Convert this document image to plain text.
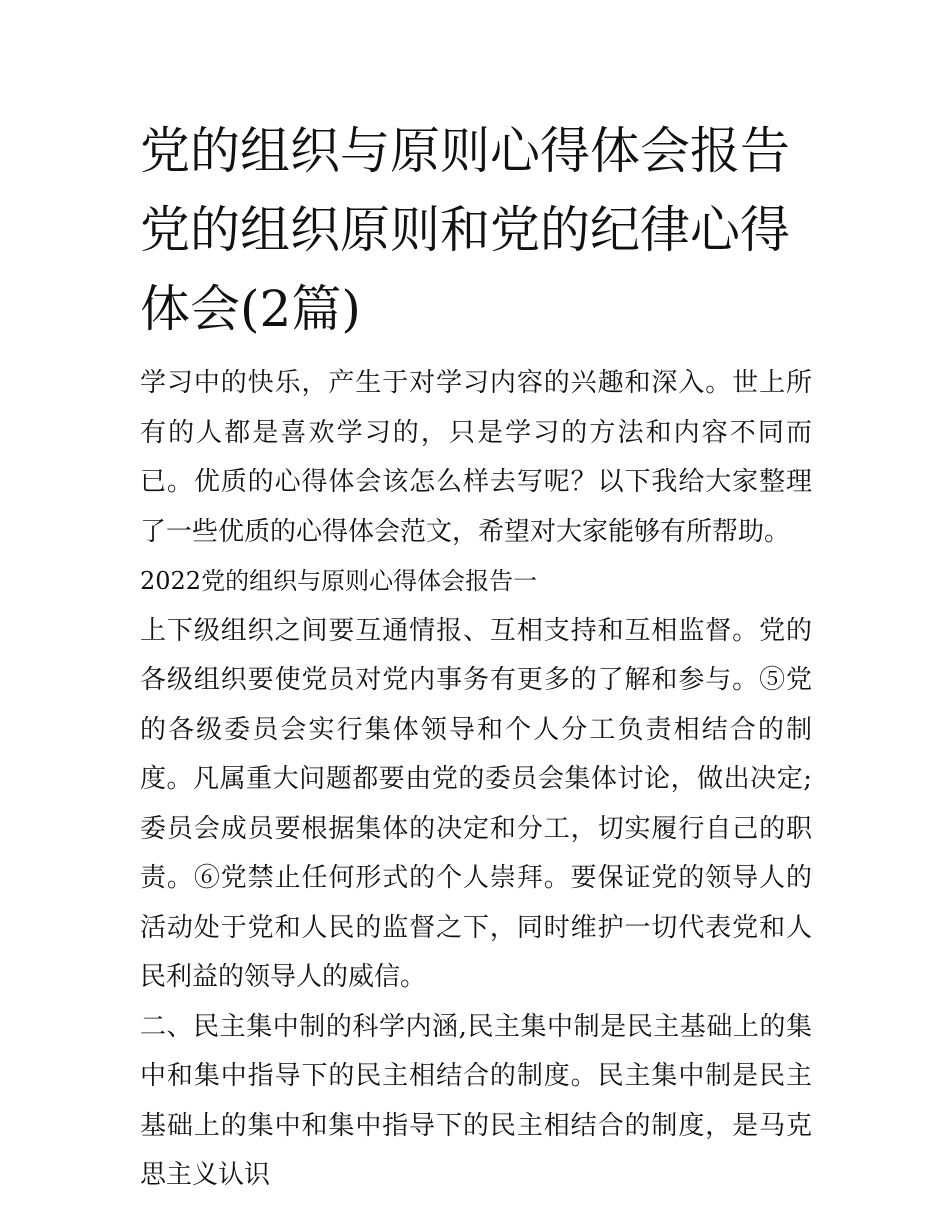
党的组织与原则心得体会报告党的组织原则和党的纪律心得体会(2篇)

学习中的快乐，产生于对学习内容的兴趣和深入。世上所有的人都是喜欢学习的，只是学习的方法和内容不同而已。优质的心得体会该怎么样去写呢？以下我给大家整理了一些优质的心得体会范文，希望对大家能够有所帮助。

2022党的组织与原则心得体会报告一

上下级组织之间要互通情报、互相支持和互相监督。党的各级组织要使党员对党内事务有更多的了解和参与。⑤党的各级委员会实行集体领导和个人分工负责相结合的制度。凡属重大问题都要由党的委员会集体讨论，做出决定;委员会成员要根据集体的决定和分工，切实履行自己的职责。⑥党禁止任何形式的个人崇拜。要保证党的领导人的活动处于党和人民的监督之下，同时维护一切代表党和人民利益的领导人的威信。

二、民主集中制的科学内涵,民主集中制是民主基础上的集中和集中指导下的民主相结合的制度。民主集中制是民主基础上的集中和集中指导下的民主相结合的制度，是马克思主义认识
